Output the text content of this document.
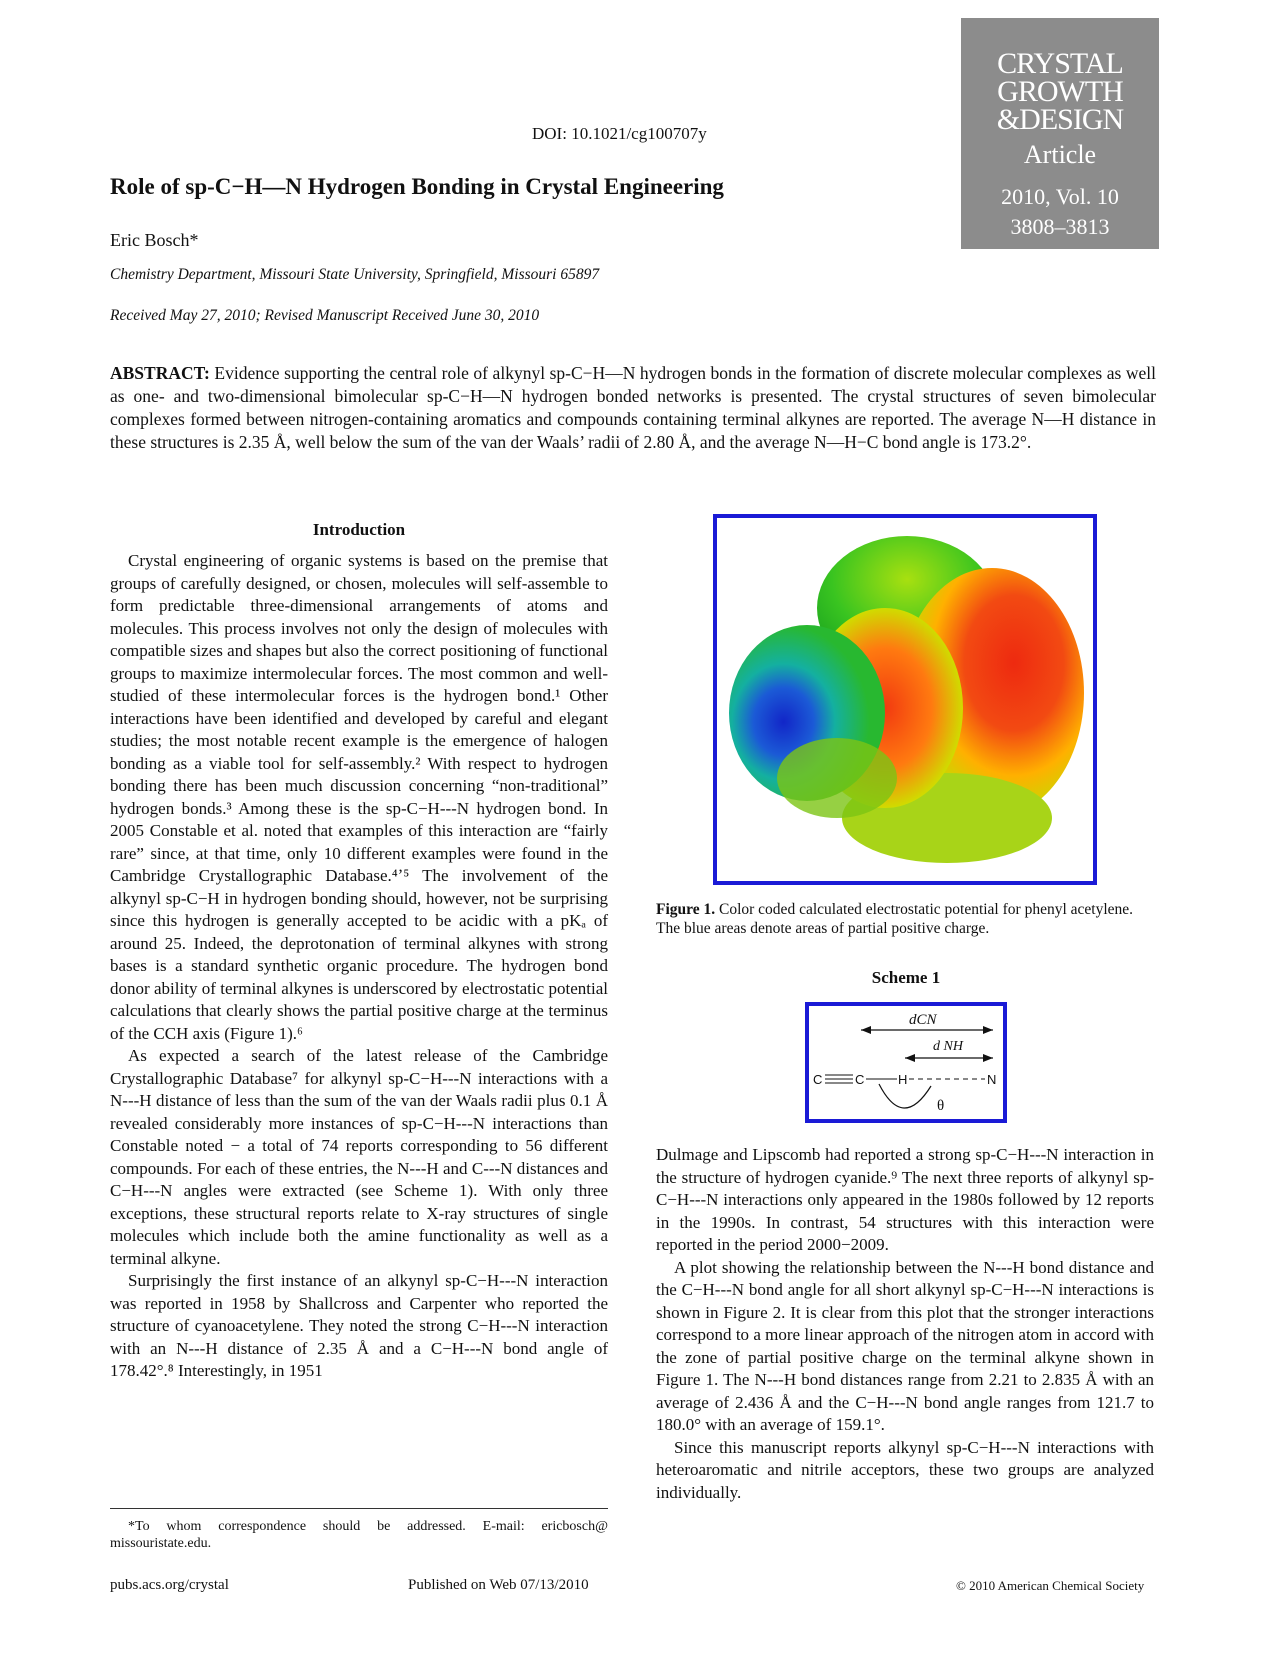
CRYSTAL
GROWTH
&DESIGN
Article
2010, Vol. 10
3808–3813
DOI: 10.1021/cg100707y
Role of sp-C−H—N Hydrogen Bonding in Crystal Engineering
Eric Bosch*
Chemistry Department, Missouri State University, Springfield, Missouri 65897
Received May 27, 2010; Revised Manuscript Received June 30, 2010
ABSTRACT: Evidence supporting the central role of alkynyl sp-C−H—N hydrogen bonds in the formation of discrete molecular complexes as well as one- and two-dimensional bimolecular sp-C−H—N hydrogen bonded networks is presented. The crystal structures of seven bimolecular complexes formed between nitrogen-containing aromatics and compounds containing terminal alkynes are reported. The average N—H distance in these structures is 2.35 Å, well below the sum of the van der Waals’ radii of 2.80 Å, and the average N—H−C bond angle is 173.2°.
Introduction

Crystal engineering of organic systems is based on the premise that groups of carefully designed, or chosen, molecules will self-assemble to form predictable three-dimensional arrangements of atoms and molecules. This process involves not only the design of molecules with compatible sizes and shapes but also the correct positioning of functional groups to maximize intermolecular forces. The most common and well-studied of these intermolecular forces is the hydrogen bond.¹ Other interactions have been identified and developed by careful and elegant studies; the most notable recent example is the emergence of halogen bonding as a viable tool for self-assembly.² With respect to hydrogen bonding there has been much discussion concerning “non-traditional” hydrogen bonds.³ Among these is the sp-C−H---N hydrogen bond. In 2005 Constable et al. noted that examples of this interaction are “fairly rare” since, at that time, only 10 different examples were found in the Cambridge Crystallographic Database.⁴ʼ⁵ The involvement of the alkynyl sp-C−H in hydrogen bonding should, however, not be surprising since this hydrogen is generally accepted to be acidic with a pKₐ of around 25. Indeed, the deprotonation of terminal alkynes with strong bases is a standard synthetic organic procedure. The hydrogen bond donor ability of terminal alkynes is underscored by electrostatic potential calculations that clearly shows the partial positive charge at the terminus of the CCH axis (Figure 1).⁶

As expected a search of the latest release of the Cambridge Crystallographic Database⁷ for alkynyl sp-C−H---N interactions with a N---H distance of less than the sum of the van der Waals radii plus 0.1 Å revealed considerably more instances of sp-C−H---N interactions than Constable noted − a total of 74 reports corresponding to 56 different compounds. For each of these entries, the N---H and C---N distances and C−H---N angles were extracted (see Scheme 1). With only three exceptions, these structural reports relate to X-ray structures of single molecules which include both the amine functionality as well as a terminal alkyne.

Surprisingly the first instance of an alkynyl sp-C−H---N interaction was reported in 1958 by Shallcross and Carpenter who reported the structure of cyanoacetylene. They noted the strong C−H---N interaction with an N---H distance of 2.35 Å and a C−H---N bond angle of 178.42°.⁸ Interestingly, in 1951

Figure 1. Color coded calculated electrostatic potential for phenyl acetylene. The blue areas denote areas of partial positive charge.
Scheme 1
dCN
d NH
C	C	H	N
θ

Dulmage and Lipscomb had reported a strong sp-C−H---N interaction in the structure of hydrogen cyanide.⁹ The next three reports of alkynyl sp-C−H---N interactions only appeared in the 1980s followed by 12 reports in the 1990s. In contrast, 54 structures with this interaction were reported in the period 2000−2009.

A plot showing the relationship between the N---H bond distance and the C−H---N bond angle for all short alkynyl sp-C−H---N interactions is shown in Figure 2. It is clear from this plot that the stronger interactions correspond to a more linear approach of the nitrogen atom in accord with the zone of partial positive charge on the terminal alkyne shown in Figure 1. The N---H bond distances range from 2.21 to 2.835 Å with an average of 2.436 Å and the C−H---N bond angle ranges from 121.7 to 180.0° with an average of 159.1°.

Since this manuscript reports alkynyl sp-C−H---N interactions with heteroaromatic and nitrile acceptors, these two groups are analyzed individually.

*To whom correspondence should be addressed. E-mail: ericbosch@ missouristate.edu.
pubs.acs.org/crystal	Published on Web 07/13/2010	© 2010 American Chemical Society
